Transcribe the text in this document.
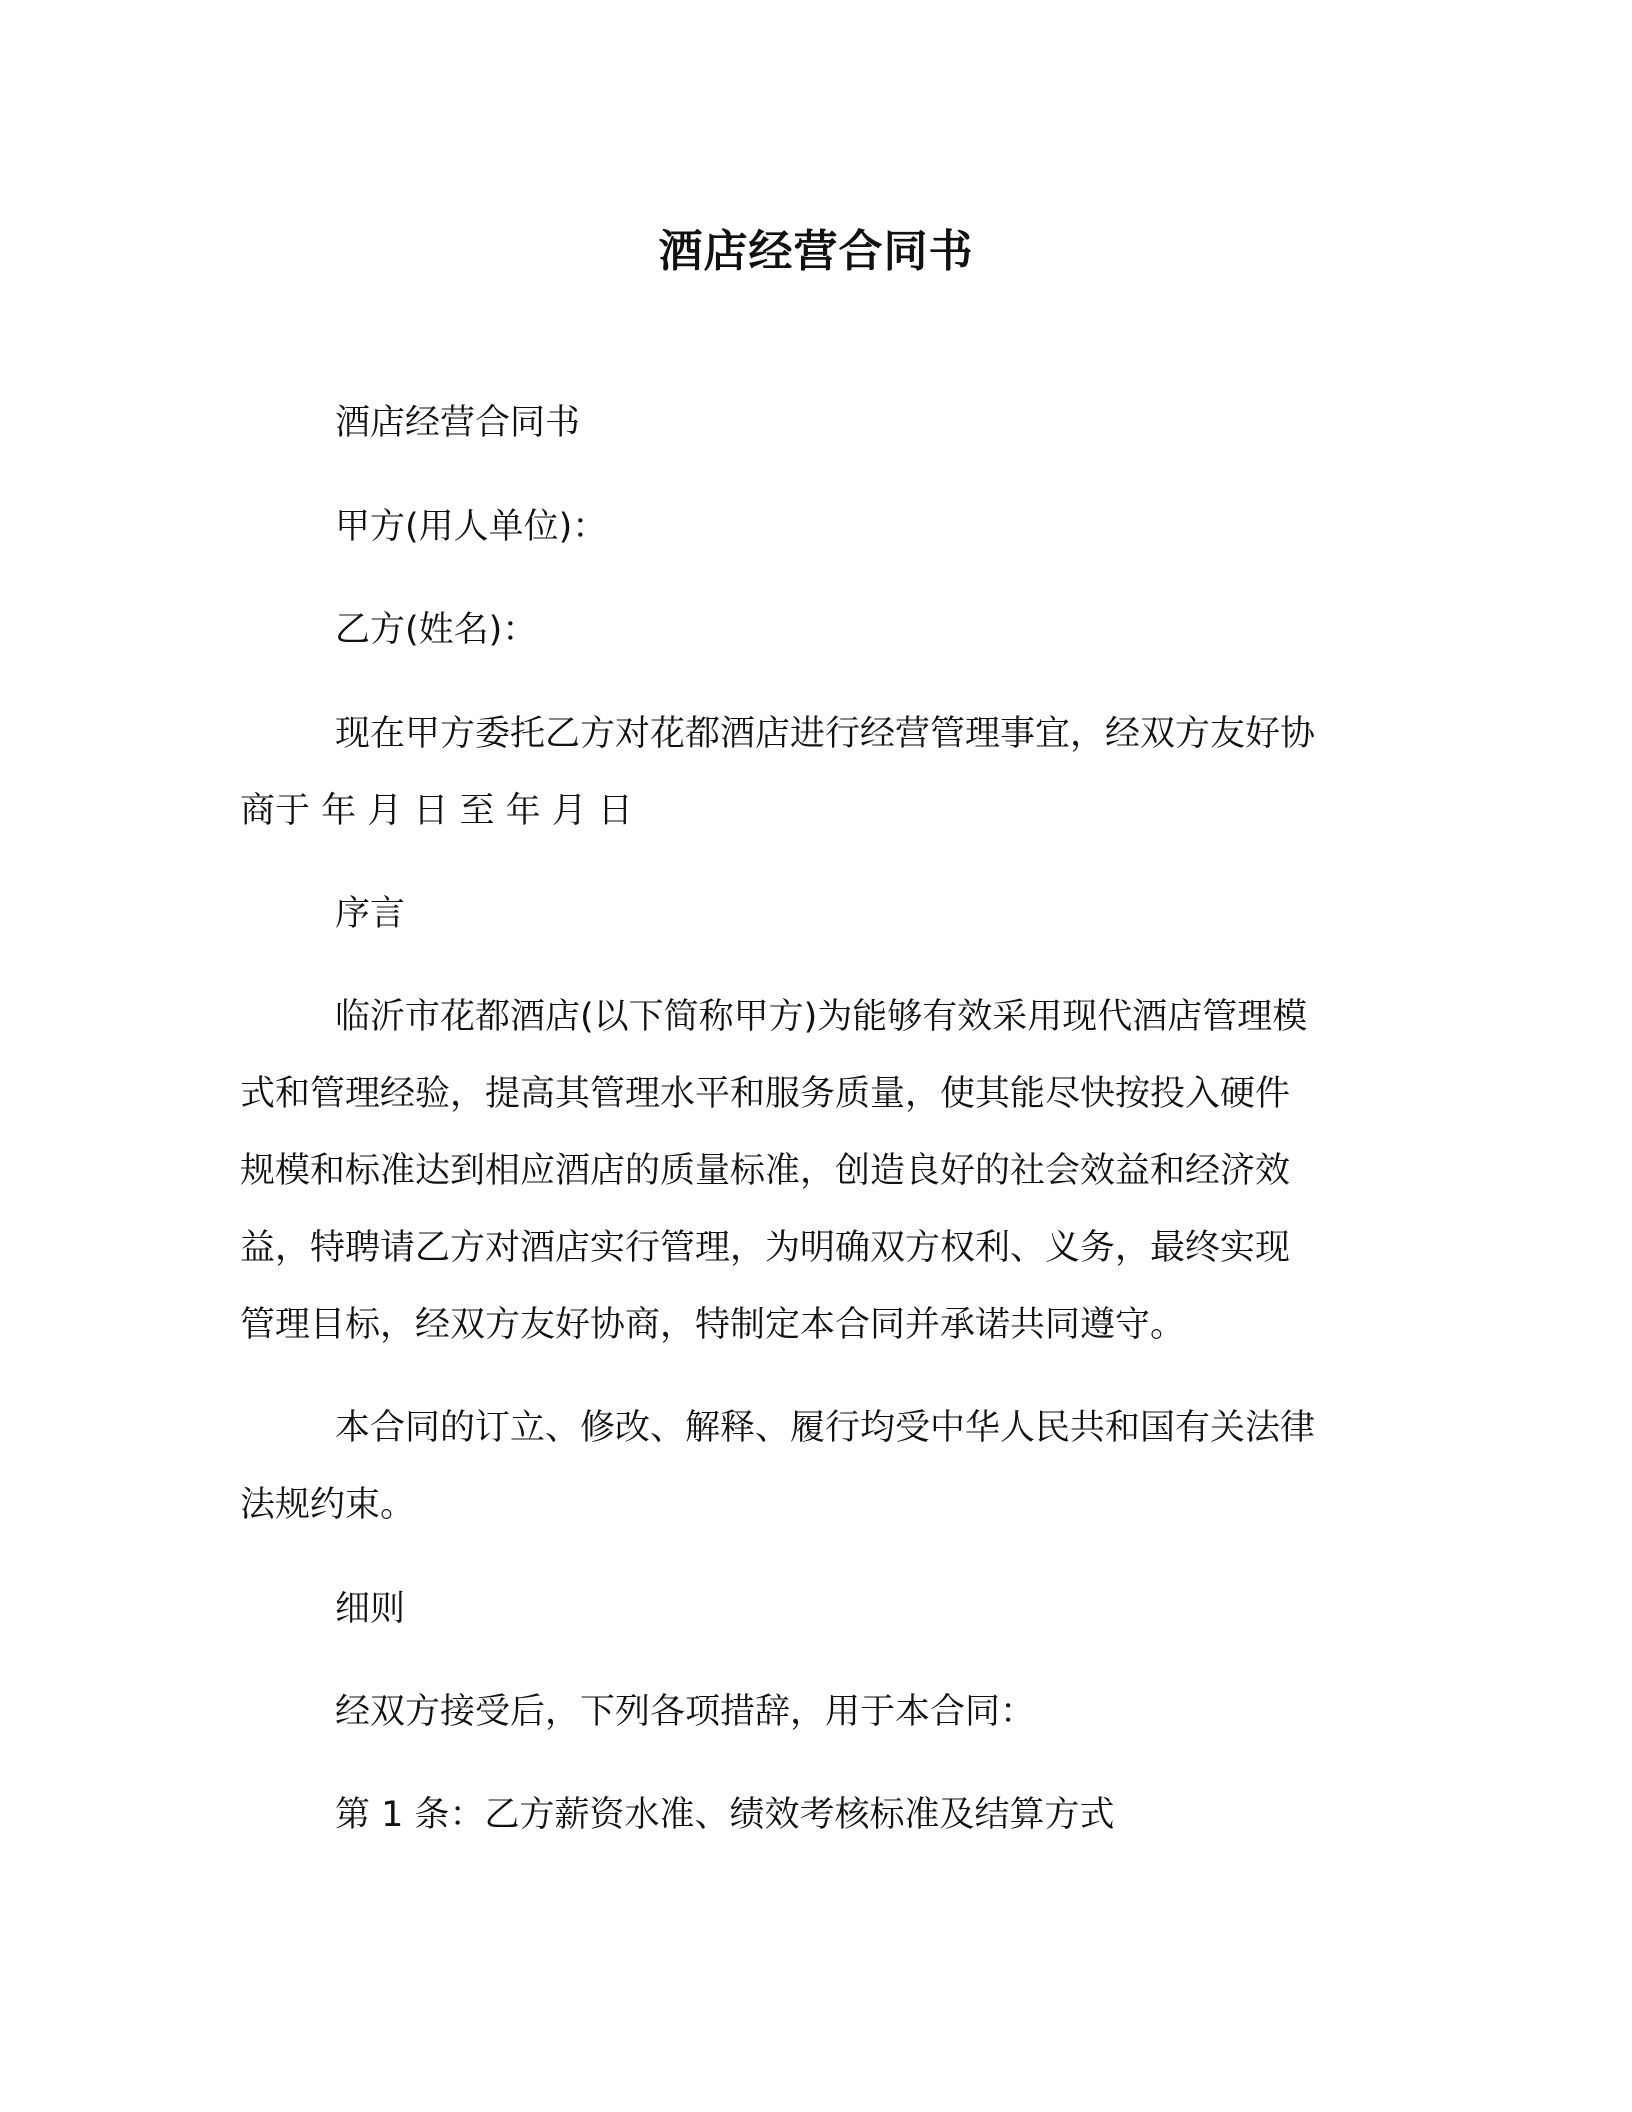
酒店经营合同书
酒店经营合同书
甲方(用人单位)：
乙方(姓名)：
现在甲方委托乙方对花都酒店进行经营管理事宜，经双方友好协
商于 年 月 日 至 年 月 日
序言
临沂市花都酒店(以下简称甲方)为能够有效采用现代酒店管理模
式和管理经验，提高其管理水平和服务质量，使其能尽快按投入硬件
规模和标准达到相应酒店的质量标准，创造良好的社会效益和经济效
益，特聘请乙方对酒店实行管理，为明确双方权利、义务，最终实现
管理目标，经双方友好协商，特制定本合同并承诺共同遵守。
本合同的订立、修改、解释、履行均受中华人民共和国有关法律
法规约束。
细则
经双方接受后，下列各项措辞，用于本合同：
第 1 条：乙方薪资水准、绩效考核标准及结算方式
